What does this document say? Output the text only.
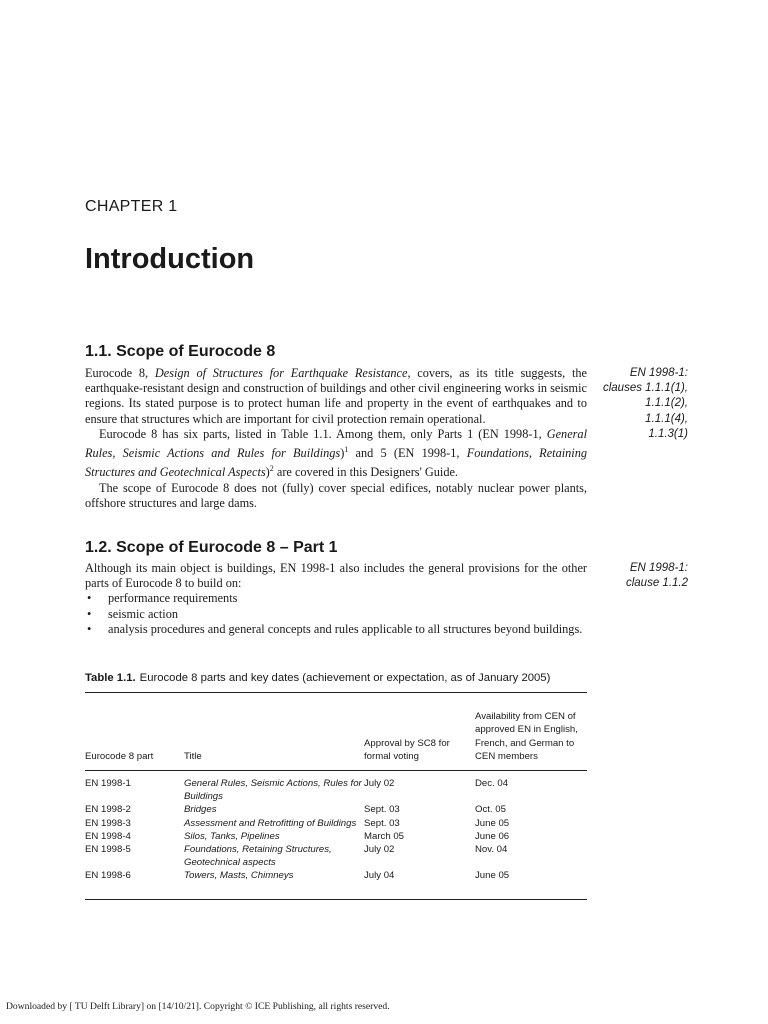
CHAPTER 1
Introduction
1.1. Scope of Eurocode 8
EN 1998-1:
clauses 1.1.1(1),
1.1.1(2),
1.1.1(4),
1.1.3(1)

Eurocode 8, Design of Structures for Earthquake Resistance, covers, as its title suggests, the earthquake-resistant design and construction of buildings and other civil engineering works in seismic regions. Its stated purpose is to protect human life and property in the event of earthquakes and to ensure that structures which are important for civil protection remain operational.

Eurocode 8 has six parts, listed in Table 1.1. Among them, only Parts 1 (EN 1998-1, General Rules, Seismic Actions and Rules for Buildings)$^1$ and 5 (EN 1998-1, Foundations, Retaining Structures and Geotechnical Aspects)$^2$ are covered in this Designers' Guide.

The scope of Eurocode 8 does not (fully) cover special edifices, notably nuclear power plants, offshore structures and large dams.

1.2. Scope of Eurocode 8 – Part 1
EN 1998-1:
clause 1.1.2

Although its main object is buildings, EN 1998-1 also includes the general provisions for the other parts of Eurocode 8 to build on:

• performance requirements
• seismic action
• analysis procedures and general concepts and rules applicable to all structures beyond buildings.
Table 1.1. Eurocode 8 parts and key dates (achievement or expectation, as of January 2005)
Eurocode 8 part	Title	Approval by SC8 for formal voting	Availability from CEN of approved EN in English, French, and German to CEN members
EN 1998-1	General Rules, Seismic Actions, Rules for Buildings	July 02	Dec. 04
EN 1998-2	Bridges	Sept. 03	Oct. 05
EN 1998-3	Assessment and Retrofitting of Buildings	Sept. 03	June 05
EN 1998-4	Silos, Tanks, Pipelines	March 05	June 06
EN 1998-5	Foundations, Retaining Structures, Geotechnical aspects	July 02	Nov. 04
EN 1998-6	Towers, Masts, Chimneys	July 04	June 05
Downloaded by [ TU Delft Library] on [14/10/21]. Copyright © ICE Publishing, all rights reserved.
